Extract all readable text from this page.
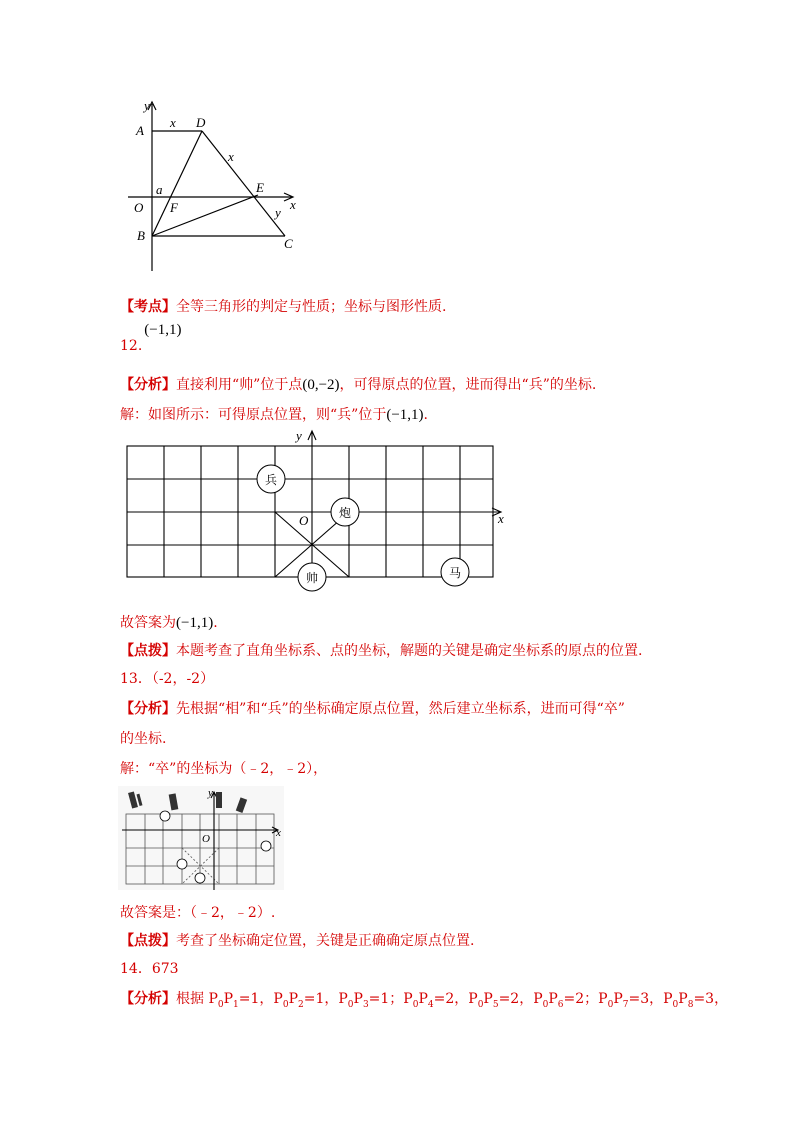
y
A
x D
x
a	E
O F	x
y
B
C
【考点】全等三角形的判定与性质；坐标与图形性质.
12.(−1,1)
【分析】直接利用“帅”位于点(0,−2)，可得原点的位置，进而得出“兵”的坐标.
解：如图所示：可得原点位置，则“兵”位于(−1,1).
y
x
O
兵
炮
帅	马
故答案为(−1,1).
【点拨】本题考查了直角坐标系、点的坐标，解题的关键是确定坐标系的原点的位置.
13．（-2，-2）
【分析】先根据“相”和“兵”的坐标确定原点位置，然后建立坐标系，进而可得“卒”
的坐标.
解：“卒”的坐标为（﹣2，﹣2），
y
x
O
故答案是：（﹣2，﹣2）.
【点拨】考查了坐标确定位置，关键是正确确定原点位置.
14．673
【分析】根据 $P_0P_1=1$，$P_0P_2=1$，$P_0P_3=1$；$P_0P_4=2$，$P_0P_5=2$，$P_0P_6=2$；$P_0P_7=3$，$P_0P_8=3$，
